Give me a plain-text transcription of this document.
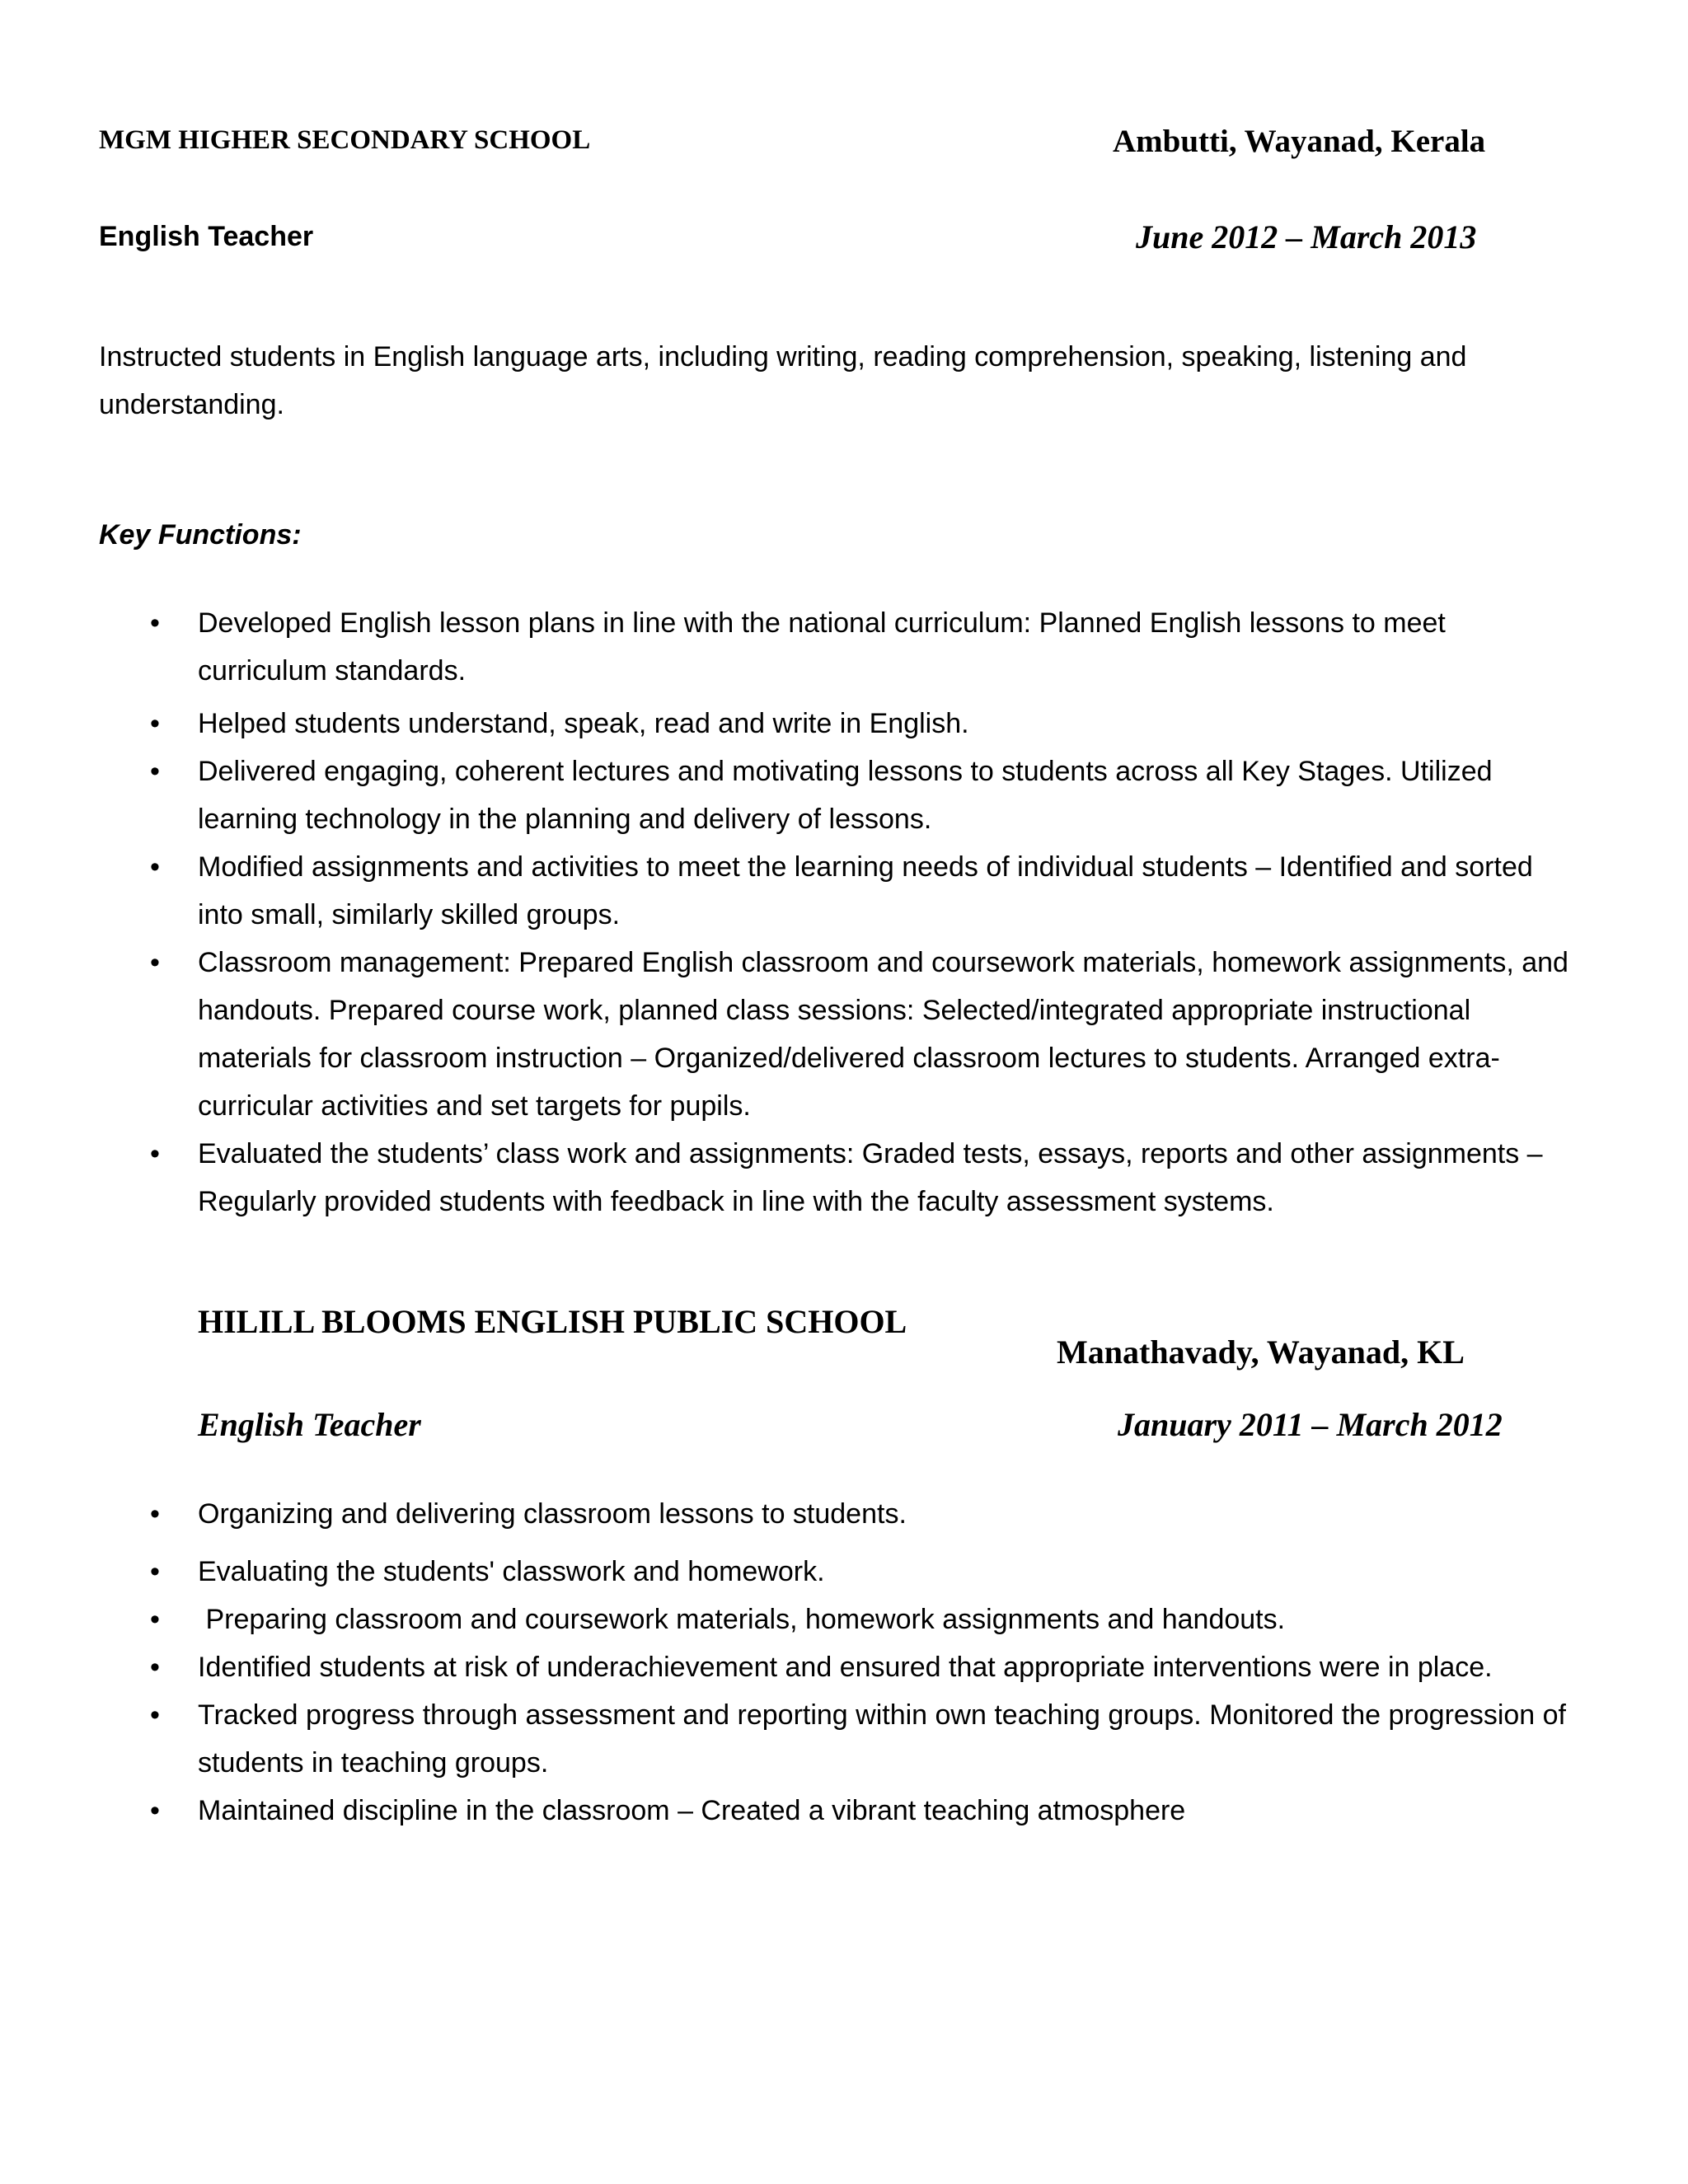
MGM HIGHER SECONDARY SCHOOL	Ambutti, Wayanad, Kerala
English Teacher	June 2012 – March 2013
Instructed students in English language arts, including writing, reading comprehension, speaking, listening and understanding.
Key Functions:
• Developed English lesson plans in line with the national curriculum: Planned English lessons to meet curriculum standards.
• Helped students understand, speak, read and write in English.
• Delivered engaging, coherent lectures and motivating lessons to students across all Key Stages. Utilized learning technology in the planning and delivery of lessons.
• Modified assignments and activities to meet the learning needs of individual students – Identified and sorted into small, similarly skilled groups.
• Classroom management: Prepared English classroom and coursework materials, homework assignments, and handouts. Prepared course work, planned class sessions: Selected/integrated appropriate instructional materials for classroom instruction – Organized/delivered classroom lectures to students. Arranged extra-curricular activities and set targets for pupils.
• Evaluated the students’ class work and assignments: Graded tests, essays, reports and other assignments – Regularly provided students with feedback in line with the faculty assessment systems.
HILILL BLOOMS ENGLISH PUBLIC SCHOOL
Manathavady, Wayanad, KL
English Teacher	January 2011 – March 2012
• Organizing and delivering classroom lessons to students.
• Evaluating the students' classwork and homework.
• Preparing classroom and coursework materials, homework assignments and handouts.
• Identified students at risk of underachievement and ensured that appropriate interventions were in place.
• Tracked progress through assessment and reporting within own teaching groups. Monitored the progression of students in teaching groups.
• Maintained discipline in the classroom – Created a vibrant teaching atmosphere
